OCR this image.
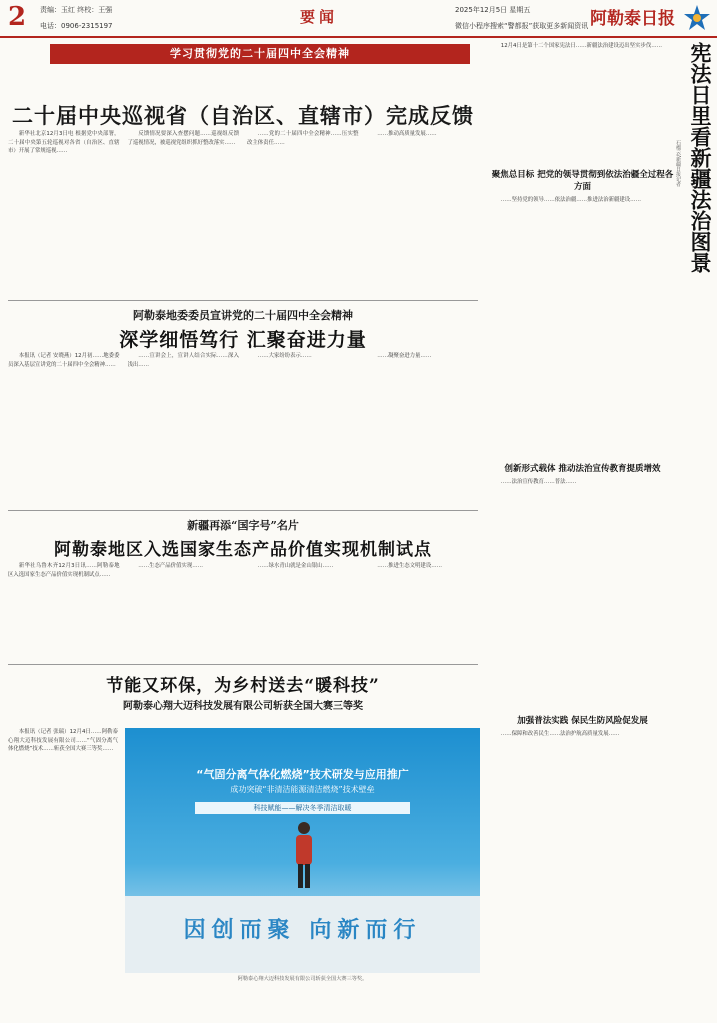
2 责编：玉红 终校：王强
电话：0906-2315197	要闻	2025年12月5日 星期五
微信小程序搜索“警都报”获取更多新闻资讯 阿勒泰日报
学习贯彻党的二十届四中全会精神
二十届中央巡视省（自治区、直辖市）完成反馈

新华社北京12月3日电 根据党中央部署，二十届中央第五轮巡视对各省（自治区、直辖市）开展了常规巡视……

反馈情况要深入查摆问题……巡视组反馈了巡视情况，被巡视党组织抓好整改落实……

……党的二十届四中全会精神……压实整改主体责任……

……推动高质量发展……

阿勒泰地委委员宣讲党的二十届四中全会精神
深学细悟笃行 汇聚奋进力量

本报讯（记者 安晓燕）12月初……地委委员深入基层宣讲党的二十届四中全会精神……

……宣讲会上，宣讲人结合实际……深入浅出……

……大家纷纷表示……	……凝聚奋进力量……

新疆再添“国字号”名片
阿勒泰地区入选国家生态产品价值实现机制试点

新华社乌鲁木齐12月3日讯……阿勒泰地区入选国家生态产品价值实现机制试点……

……生态产品价值实现……	……绿水青山就是金山银山……	……推进生态文明建设……

节能又环保，为乡村送去“暖科技”
阿勒泰心翔大迈科技发展有限公司斩获全国大赛三等奖

本报讯（记者 张瑞）12月4日……阿勒泰心翔大迈科技发展有限公司……“气固分离气体化燃烧”技术……斩获全国大赛三等奖……

“气固分离气体化燃烧”技术研发与应用推广
成功突破“非清洁能源清洁燃烧”技术壁垒
科技赋能——解决冬季清洁取暖
因创而聚 向新而行
阿勒泰心翔大迈科技发展有限公司斩获全国大赛三等奖。
宪法日里看新疆法治图景
石榴云/新疆日报记者

12月4日是第十二个国家宪法日……新疆法治建设迈出坚实步伐……

聚焦总目标 把党的领导贯彻到依法治疆全过程各方面

……坚持党的领导……依法治疆……推进法治新疆建设……

创新形式载体 推动法治宣传教育提质增效

……法治宣传教育……普法……

加强普法实践 保民生防风险促发展

……保障和改善民生……法治护航高质量发展……
